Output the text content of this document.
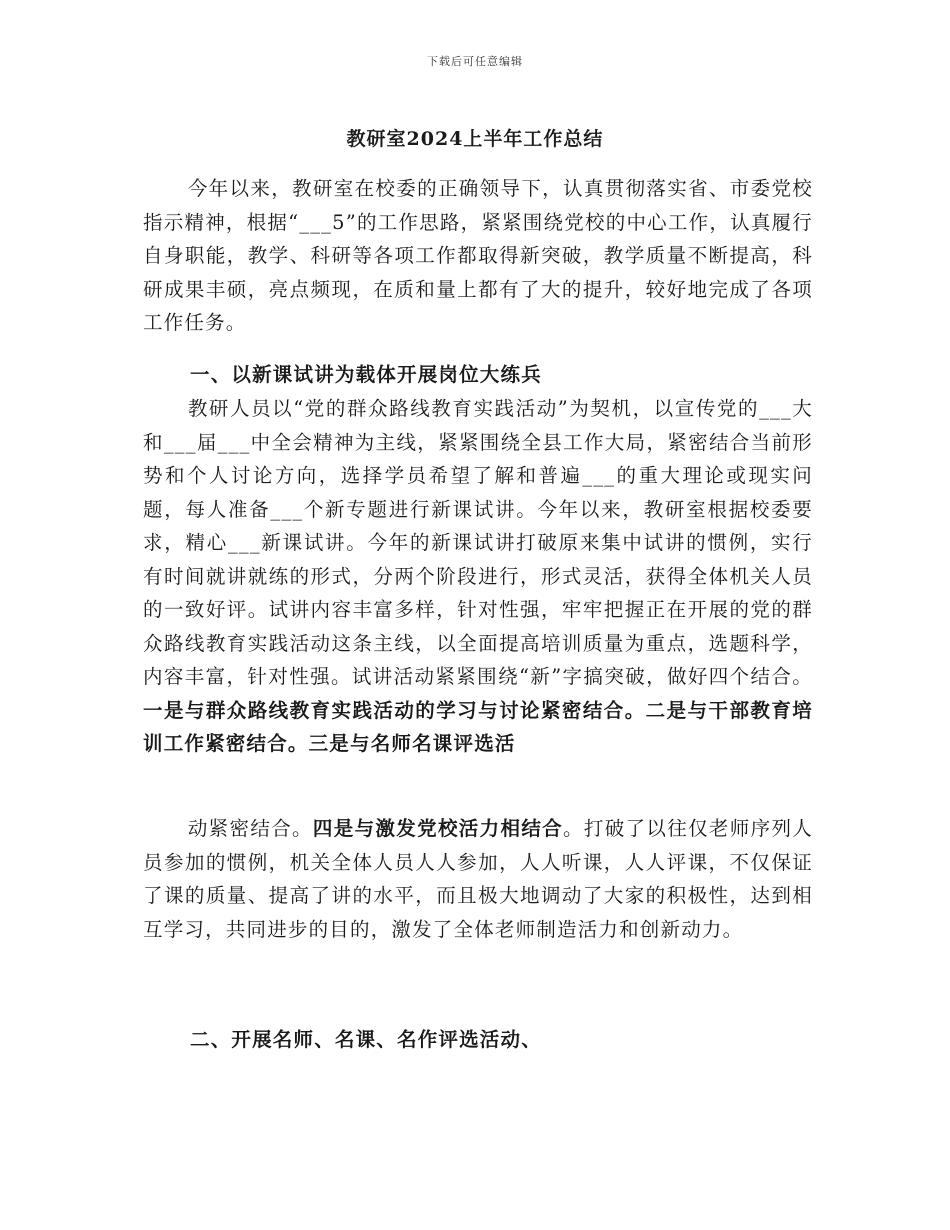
下载后可任意编辑
教研室2024上半年工作总结

今年以来，教研室在校委的正确领导下，认真贯彻落实省、市委党校指示精神，根据“___5”的工作思路，紧紧围绕党校的中心工作，认真履行自身职能，教学、科研等各项工作都取得新突破，教学质量不断提高，科研成果丰硕，亮点频现，在质和量上都有了大的提升，较好地完成了各项工作任务。

一、以新课试讲为载体开展岗位大练兵

教研人员以“党的群众路线教育实践活动”为契机，以宣传党的___大和___届___中全会精神为主线，紧紧围绕全县工作大局，紧密结合当前形势和个人讨论方向，选择学员希望了解和普遍___的重大理论或现实问题，每人准备___个新专题进行新课试讲。今年以来，教研室根据校委要求，精心___新课试讲。今年的新课试讲打破原来集中试讲的惯例，实行有时间就讲就练的形式，分两个阶段进行，形式灵活，获得全体机关人员的一致好评。试讲内容丰富多样，针对性强，牢牢把握正在开展的党的群众路线教育实践活动这条主线，以全面提高培训质量为重点，选题科学，内容丰富，针对性强。试讲活动紧紧围绕“新”字搞突破，做好四个结合。一是与群众路线教育实践活动的学习与讨论紧密结合。二是与干部教育培训工作紧密结合。三是与名师名课评选活

动紧密结合。四是与激发党校活力相结合。打破了以往仅老师序列人员参加的惯例，机关全体人员人人参加，人人听课，人人评课，不仅保证了课的质量、提高了讲的水平，而且极大地调动了大家的积极性，达到相互学习，共同进步的目的，激发了全体老师制造活力和创新动力。

二、开展名师、名课、名作评选活动、
